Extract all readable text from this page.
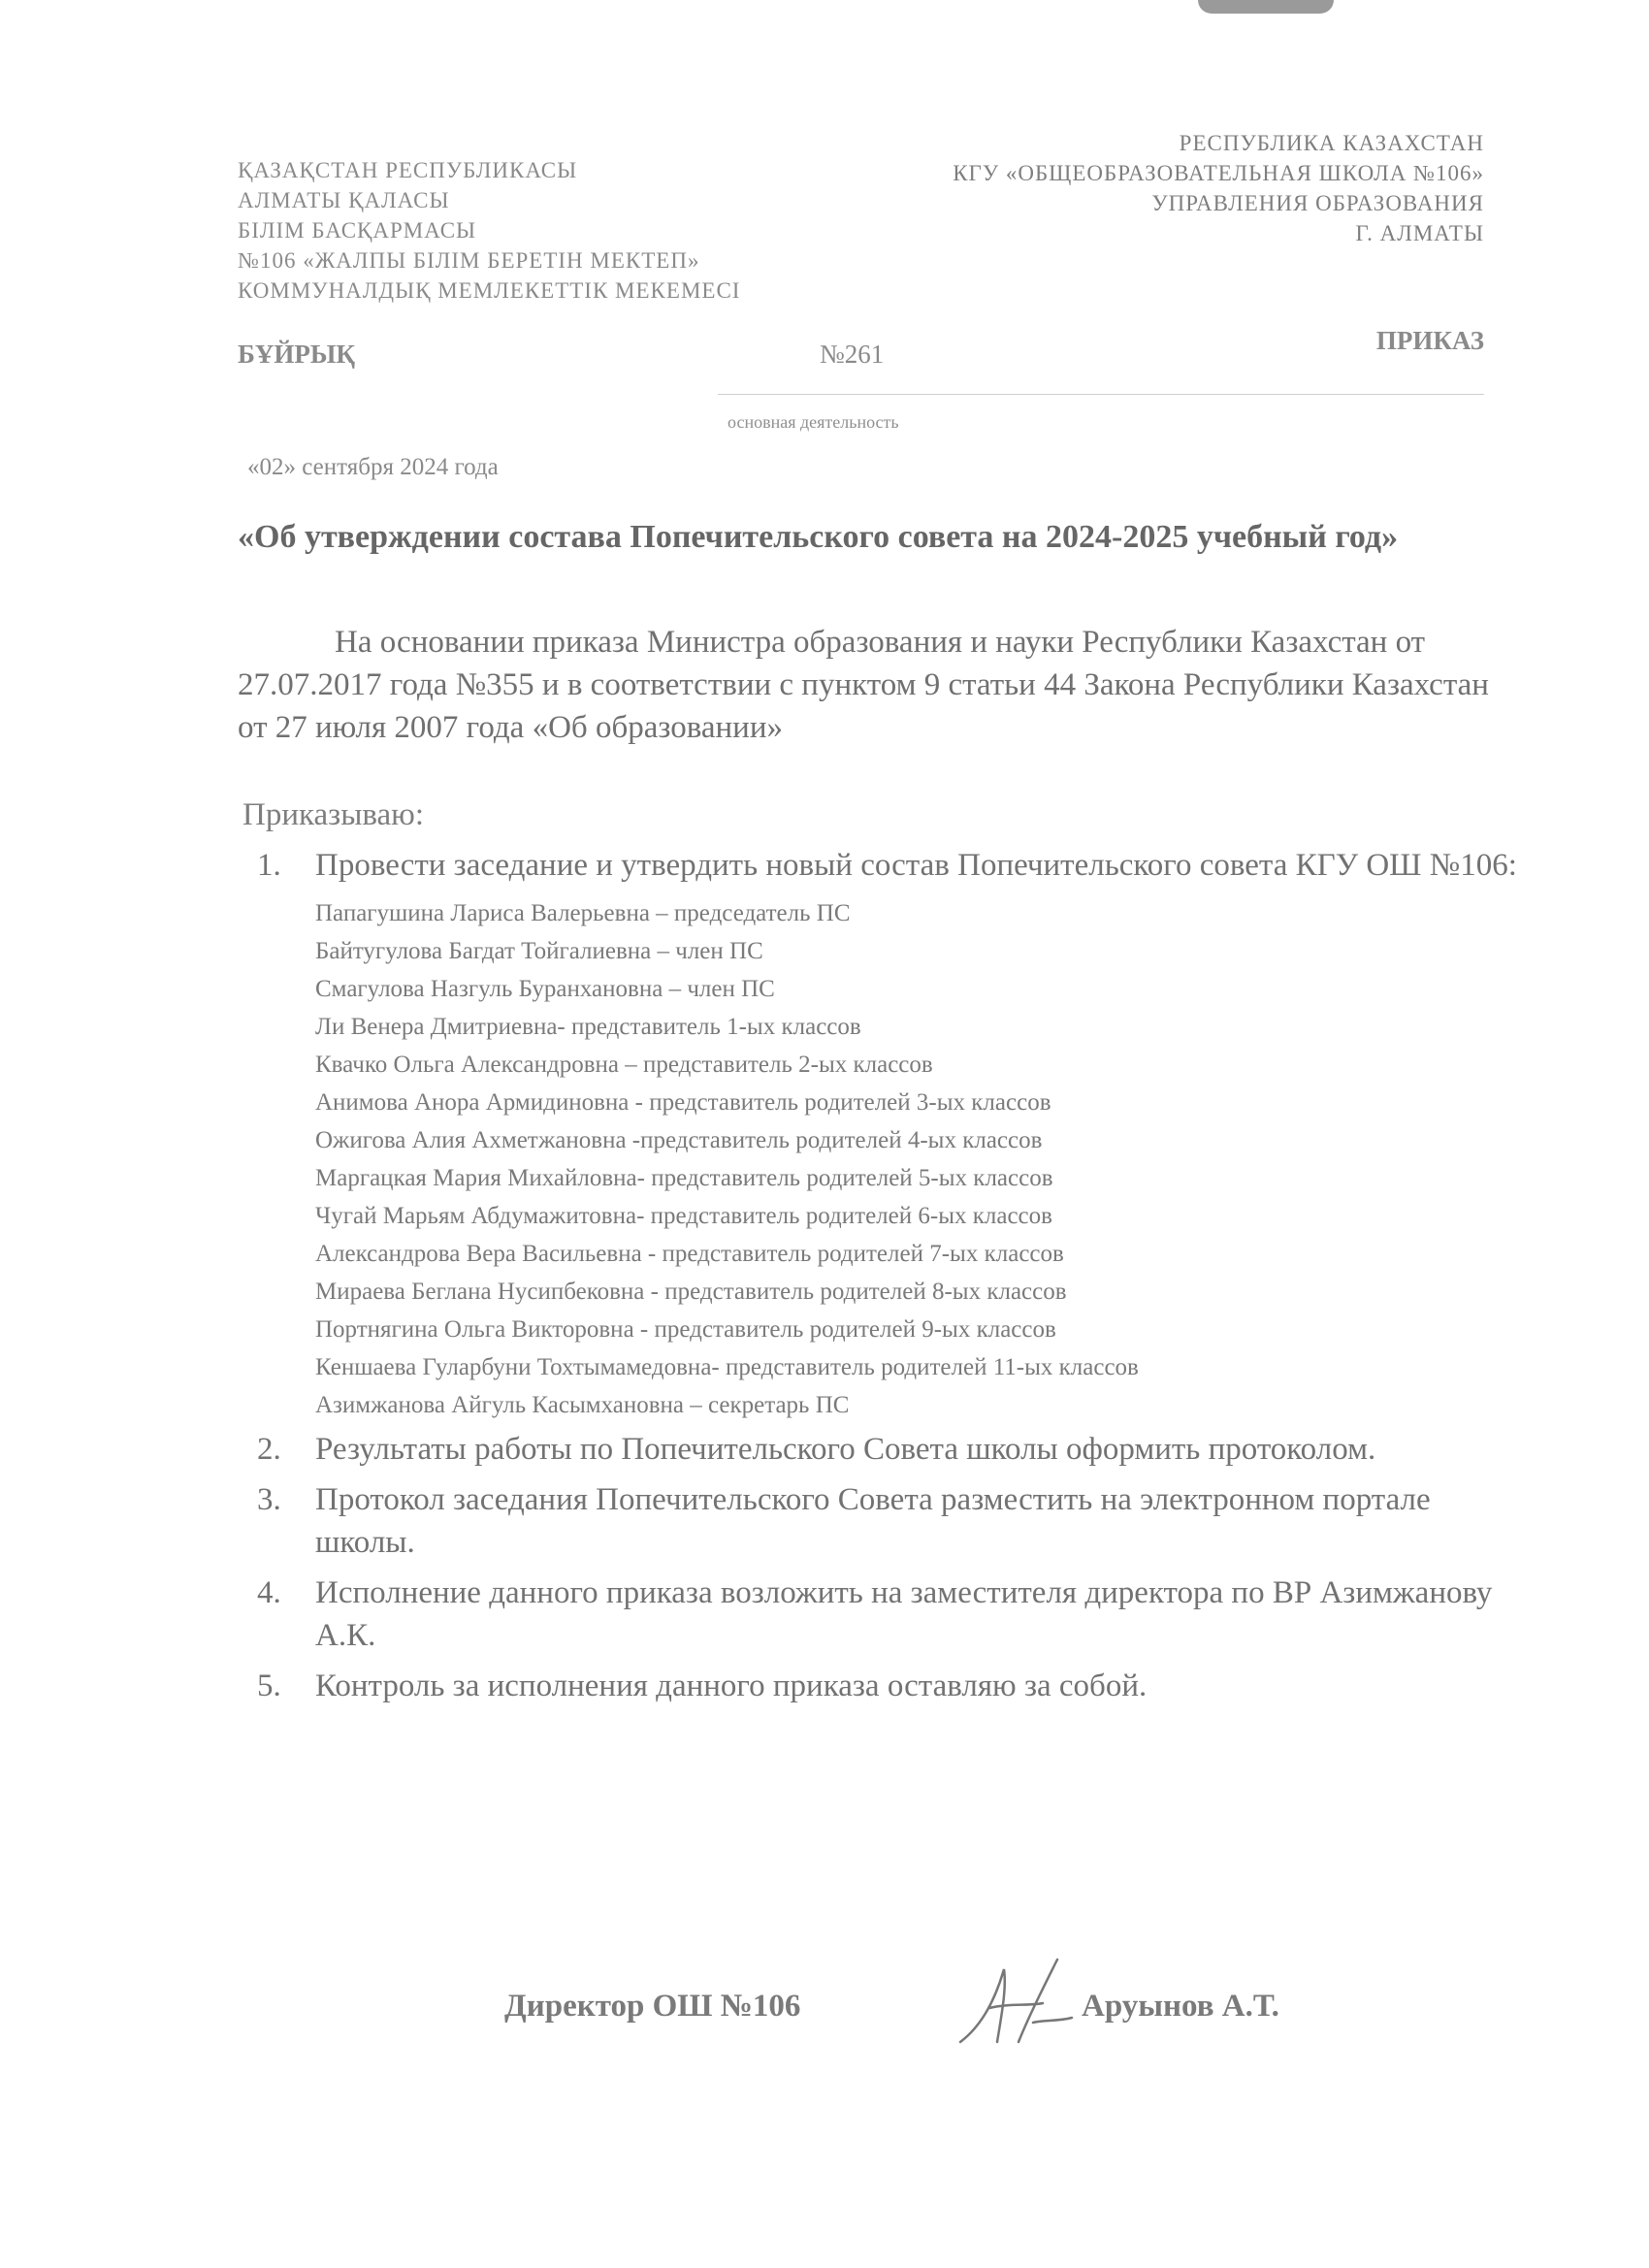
ҚАЗАҚСТАН РЕСПУБЛИКАСЫ
АЛМАТЫ ҚАЛАСЫ
БІЛІМ БАСҚАРМАСЫ
№106 «ЖАЛПЫ БІЛІМ БЕРЕТІН МЕКТЕП»
КОММУНАЛДЫҚ МЕМЛЕКЕТТІК МЕКЕМЕСІ
РЕСПУБЛИКА КАЗАХСТАН
КГУ «ОБЩЕОБРАЗОВАТЕЛЬНАЯ ШКОЛА №106»
УПРАВЛЕНИЯ ОБРАЗОВАНИЯ
Г. АЛМАТЫ
БҰЙРЫҚ	№261	ПРИКАЗ
основная деятельность
«02» сентября 2024 года
«Об утверждении состава Попечительского совета на 2024-2025 учебный год»
На основании приказа Министра образования и науки Республики Казахстан от 27.07.2017 года №355 и в соответствии с пунктом 9 статьи 44 Закона Республики Казахстан от 27 июля 2007 года «Об образовании»
Приказываю:
1. Провести заседание и утвердить новый состав Попечительского совета КГУ ОШ №106:
Папагушина Лариса Валерьевна – председатель ПС
Байтугулова Багдат Тойгалиевна – член ПС
Смагулова Назгуль Буранхановна – член ПС
Ли Венера Дмитриевна- представитель 1-ых классов
Квачко Ольга Александровна – представитель 2-ых классов
Анимова Анора Армидиновна - представитель родителей 3-ых классов
Ожигова Алия Ахметжановна -представитель родителей 4-ых классов
Маргацкая Мария Михайловна- представитель родителей 5-ых классов
Чугай Марьям Абдумажитовна- представитель родителей 6-ых классов
Александрова Вера Васильевна - представитель родителей 7-ых классов
Мираева Беглана Нусипбековна - представитель родителей 8-ых классов
Портнягина Ольга Викторовна - представитель родителей 9-ых классов
Кеншаева Гуларбуни Тохтымамедовна- представитель родителей 11-ых классов
Азимжанова Айгуль Касымхановна – секретарь ПС
2. Результаты работы по Попечительского Совета школы оформить протоколом.
3. Протокол заседания Попечительского Совета разместить на электронном портале школы.
4. Исполнение данного приказа возложить на заместителя директора по ВР Азимжанову А.К.
5. Контроль за исполнения данного приказа оставляю за собой.
Директор ОШ №106	Аруынов А.Т.
